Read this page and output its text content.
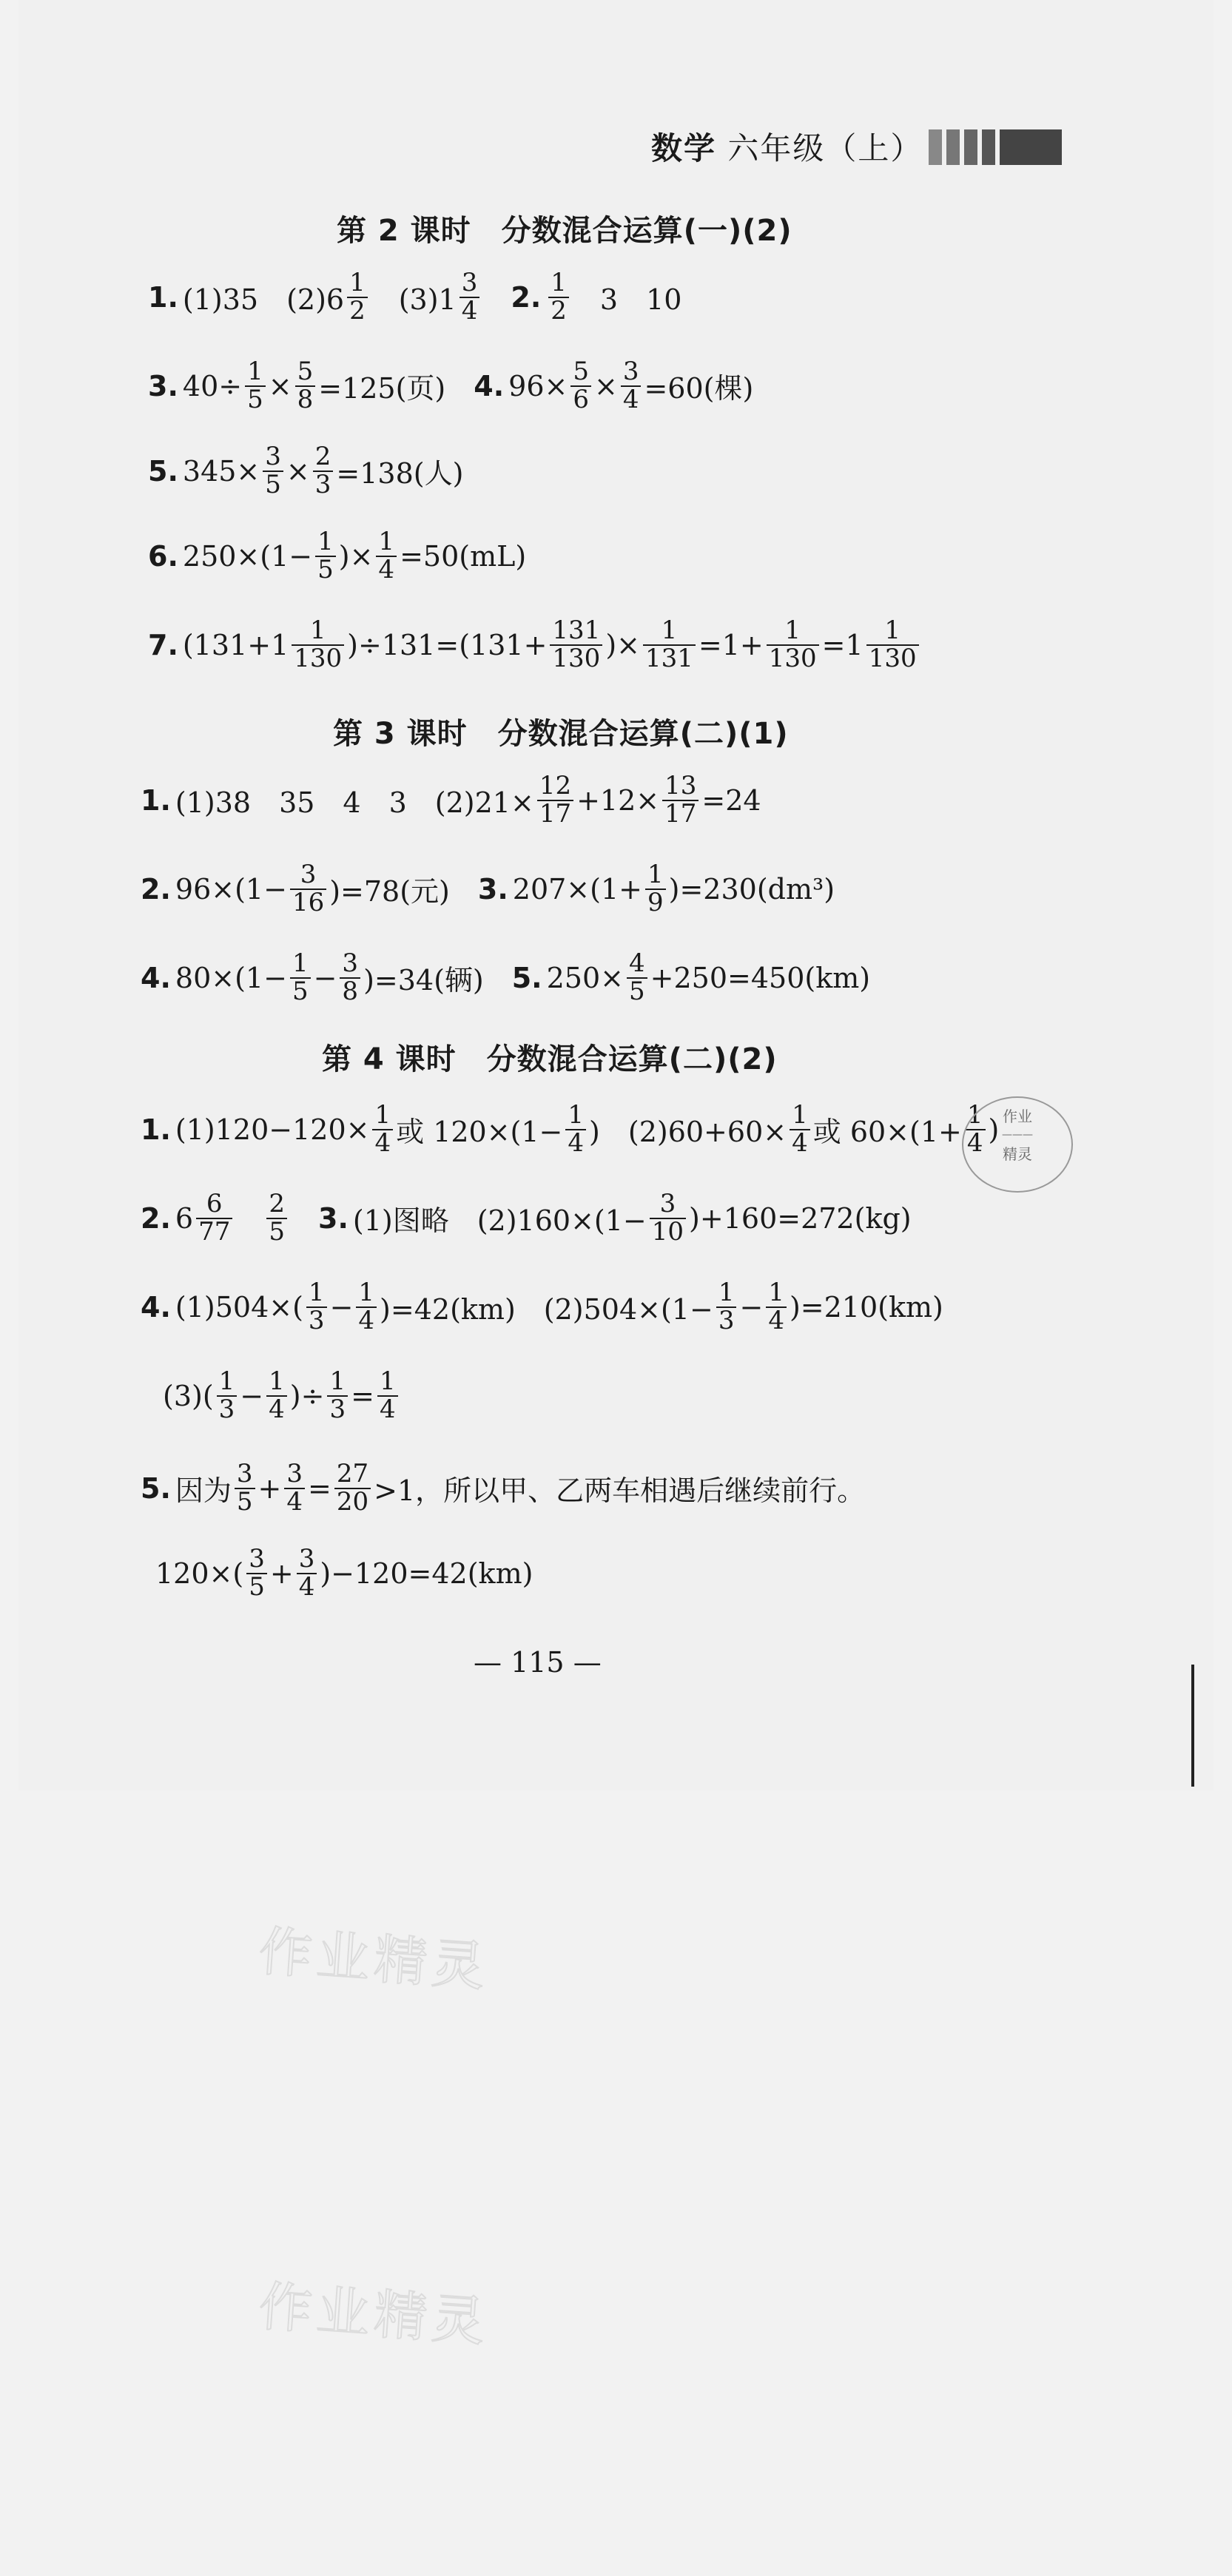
数学 六年级（上）
第 2 课时　分数混合运算(一)(2)
第 3 课时　分数混合运算(二)(1)
第 4 课时　分数混合运算(二)(2)
1. (1)35　$(2)6 \frac{1}{2}$ 　$(3)1 \frac{3}{4}$
　 2. $\frac{1}{2}$ 　3　10
3. $40\div \frac{1}{5} \times \frac{5}{8} =125$(页)　 4. $96\times \frac{5}{6} \times \frac{3}{4} =60$(棵)
5. $345\times \frac{3}{5} \times \frac{2}{3} =138$(人)
6. $250\times(1- \frac{1}{5}$ )× $\frac{1}{4} =50(mL)$
7. $(131+1 \frac{1}{130} )\div 131=(131+ \frac{131}{130}$ )× $\frac{1}{131} =1+ \frac{1}{130} =1 \frac{1}{130}$
1. (1)38　35　4　3　$(2)21\times \frac{12}{17} +12\times \frac{13}{17} =24$
2. $96\times(1- \frac{3}{16} )=78$(元)　 3. $207\times(1+ \frac{1}{9} )=230(dm^3)$
4. $80\times(1- \frac{1}{5} - \frac{3}{8} )=34$(辆)　 5. $250\times \frac{4}{5} +250=450(km)$
1. $(1)120-120\times \frac{1}{4}$ 或 $120\times(1- \frac{1}{4}$ )　$(2)60+60\times \frac{1}{4}$ 或 $60\times(1+ \frac{1}{4}$ )
2. $6 \frac{6}{77}$
　 $\frac{2}{5}$
　 3. (1)图略　$(2)160\times(1- \frac{3}{10} )+160=272(kg)$
4. $(1)504\times( \frac{1}{3} - \frac{1}{4} )=42(km)$　$(2)504\times(1- \frac{1}{3} - \frac{1}{4} )=210(km)$
$(3)( \frac{1}{3} - \frac{1}{4}$ )÷ $\frac{1}{3} = \frac{1}{4}$
5. 因为 $\frac{3}{5} + \frac{3}{4} = \frac{27}{20} >1$，所以甲、乙两车相遇后继续前行。
$120\times( \frac{3}{5} + \frac{3}{4} )-120=42(km)$
作业
———
精灵
— 115 —
作业精灵
作业精灵
